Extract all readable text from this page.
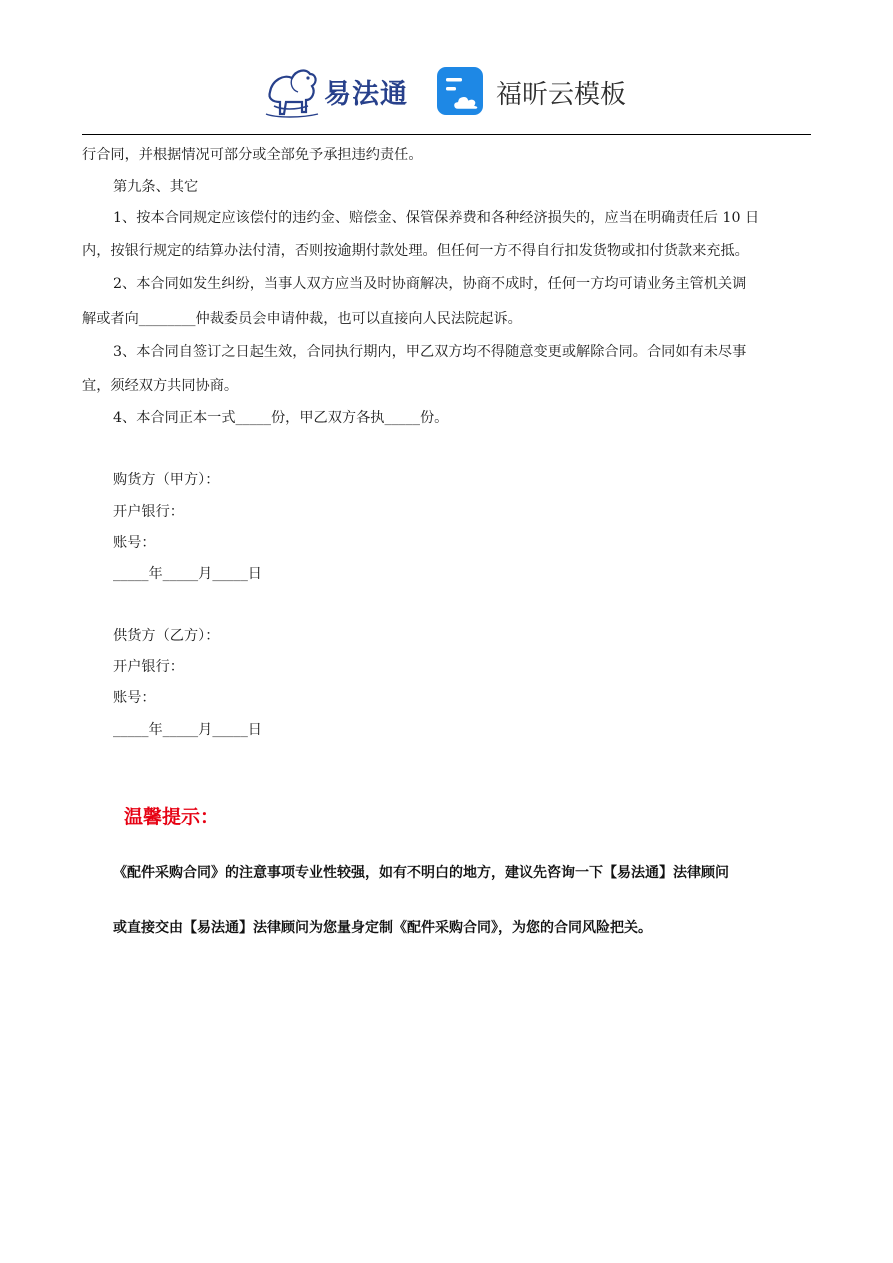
易法通	福昕云模板
行合同，并根据情况可部分或全部免予承担违约责任。
第九条、其它
1、按本合同规定应该偿付的违约金、赔偿金、保管保养费和各种经济损失的，应当在明确责任后 10 日
内，按银行规定的结算办法付清，否则按逾期付款处理。但任何一方不得自行扣发货物或扣付货款来充抵。
2、本合同如发生纠纷，当事人双方应当及时协商解决，协商不成时，任何一方均可请业务主管机关调
解或者向________仲裁委员会申请仲裁，也可以直接向人民法院起诉。
3、本合同自签订之日起生效，合同执行期内，甲乙双方均不得随意变更或解除合同。合同如有未尽事
宜，须经双方共同协商。
4、本合同正本一式_____份，甲乙双方各执_____份。
购货方（甲方）：
开户银行：
账号：
_____年_____月_____日
供货方（乙方）：
开户银行：
账号：
_____年_____月_____日
温馨提示：
《配件采购合同》的注意事项专业性较强，如有不明白的地方，建议先咨询一下【易法通】法律顾问
或直接交由【易法通】法律顾问为您量身定制《配件采购合同》，为您的合同风险把关。
